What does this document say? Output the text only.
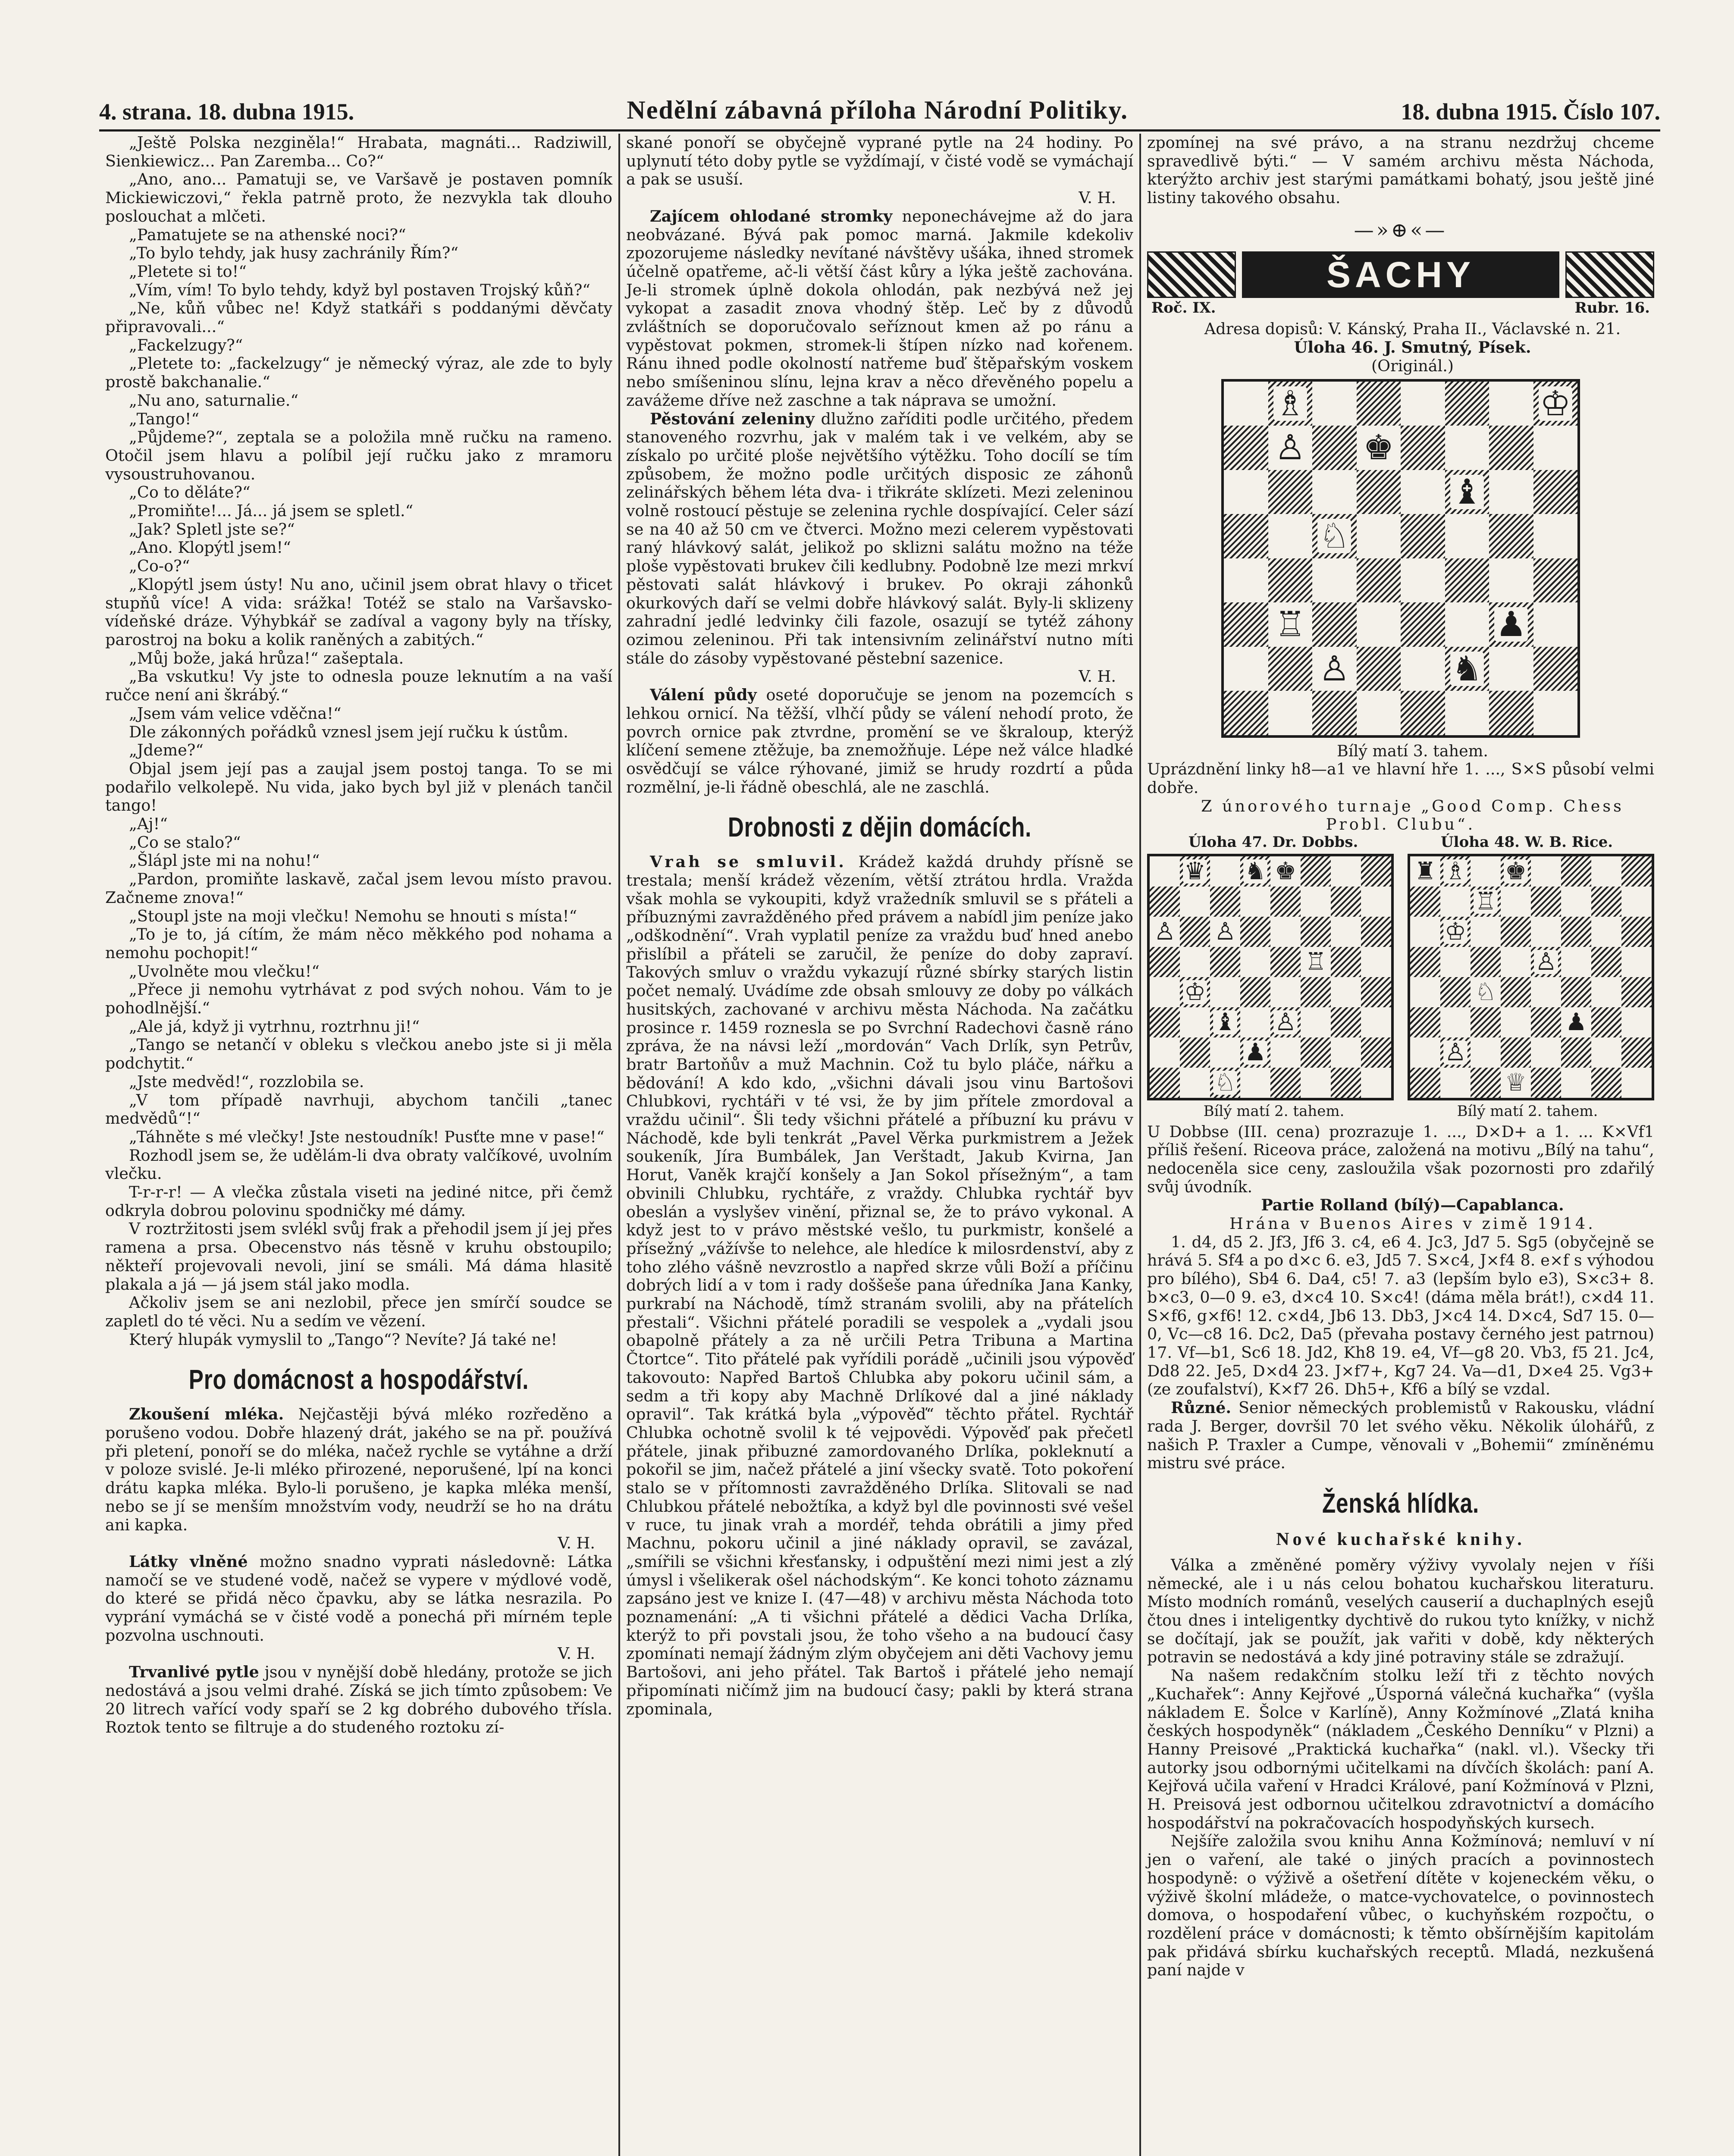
4. strana. 18. dubna 1915.	Nedělní zábavná příloha Národní Politiky.	18. dubna 1915. Číslo 107.

„Ještě Polska nezginěla!“ Hrabata, magnáti... Radziwill, Sienkiewicz... Pan Zaremba... Co?“

„Ano, ano... Pamatuji se, ve Varšavě je postaven pomník Mickiewiczovi,“ řekla patrně proto, že nezvykla tak dlouho poslouchat a mlčeti.

„Pamatujete se na athenské noci?“

„To bylo tehdy, jak husy zachránily Řím?“

„Pletete si to!“

„Vím, vím! To bylo tehdy, když byl postaven Trojský kůň?“

„Ne, kůň vůbec ne! Když statkáři s poddanými děvčaty připravovali...“

„Fackelzugy?“

„Pletete to: „fackelzugy“ je německý výraz, ale zde to byly prostě bakchanalie.“

„Nu ano, saturnalie.“

„Tango!“

„Půjdeme?“, zeptala se a položila mně ručku na rameno. Otočil jsem hlavu a políbil její ručku jako z mramoru vysoustruhovanou.

„Co to děláte?“

„Promiňte!... Já... já jsem se spletl.“

„Jak? Spletl jste se?“

„Ano. Klopýtl jsem!“

„Co-o?“

„Klopýtl jsem ústy! Nu ano, učinil jsem obrat hlavy o třicet stupňů více! A vida: srážka! Totéž se stalo na Varšavsko-vídeňské dráze. Výhybkář se zadíval a vagony byly na třísky, parostroj na boku a kolik raněných a zabitých.“

„Můj bože, jaká hrůza!“ zašeptala.

„Ba vskutku! Vy jste to odnesla pouze leknutím a na vaší ručce není ani škrábý.“

„Jsem vám velice vděčna!“

Dle zákonných pořádků vznesl jsem její ručku k ústům.

„Jdeme?“

Objal jsem její pas a zaujal jsem postoj tanga. To se mi podařilo velkolepě. Nu vida, jako bych byl již v plenách tančil tango!

„Aj!“

„Co se stalo?“

„Šlápl jste mi na nohu!“

„Pardon, promiňte laskavě, začal jsem levou místo pravou. Začneme znova!“

„Stoupl jste na moji vlečku! Nemohu se hnouti s místa!“

„To je to, já cítím, že mám něco měkkého pod nohama a nemohu pochopit!“

„Uvolněte mou vlečku!“

„Přece ji nemohu vytrhávat z pod svých nohou. Vám to je pohodlnější.“

„Ale já, když ji vytrhnu, roztrhnu ji!“

„Tango se netančí v obleku s vlečkou anebo jste si ji měla podchytit.“

„Jste medvěd!“, rozzlobila se.

„V tom případě navrhuji, abychom tančili „tanec medvědů“!“

„Táhněte s mé vlečky! Jste nestoudník! Pusťte mne v pase!“

Rozhodl jsem se, že udělám-li dva obraty valčíkové, uvolním vlečku.

T-r-r-r! — A vlečka zůstala viseti na jediné nitce, při čemž odkryla dobrou polovinu spodničky mé dámy.

V roztržitosti jsem svlékl svůj frak a přehodil jsem jí jej přes ramena a prsa. Obecenstvo nás těsně v kruhu obstoupilo; někteří projevovali nevoli, jiní se smáli. Má dáma hlasitě plakala a já — já jsem stál jako modla.

Ačkoliv jsem se ani nezlobil, přece jen smírčí soudce se zapletl do té věci. Nu a sedím ve vězení.

Který hlupák vymyslil to „Tango“? Nevíte? Já také ne!

Pro domácnost a hospodářství.

Zkoušení mléka. Nejčastěji bývá mléko rozředěno a porušeno vodou. Dobře hlazený drát, jakého se na př. používá při pletení, ponoří se do mléka, načež rychle se vytáhne a drží v poloze svislé. Je-li mléko přirozené, neporušené, lpí na konci drátu kapka mléka. Bylo-li porušeno, je kapka mléka menší, nebo se jí se menším množstvím vody, neudrží se ho na drátu ani kapka.

V. H.

Látky vlněné možno snadno vyprati následovně: Látka namočí se ve studené vodě, načež se vypere v mýdlové vodě, do které se přidá něco čpavku, aby se látka nesrazila. Po vyprání vymáchá se v čisté vodě a ponechá při mírném teple pozvolna uschnouti.

V. H.

Trvanlivé pytle jsou v nynější době hledány, protože se jich nedostává a jsou velmi drahé. Získá se jich tímto způsobem: Ve 20 litrech vařící vody spaří se 2 kg dobrého dubového třísla. Roztok tento se filtruje a do studeného roztoku zí-

skané ponoří se obyčejně vyprané pytle na 24 hodiny. Po uplynutí této doby pytle se vyždímají, v čisté vodě se vymáchají a pak se usuší.

V. H.

Zajícem ohlodané stromky neponechávejme až do jara neobvázané. Bývá pak pomoc marná. Jakmile kdekoliv zpozorujeme následky nevítané návštěvy ušáka, ihned stromek účelně opatřeme, ač-li větší část kůry a lýka ještě zachována. Je-li stromek úplně dokola ohlodán, pak nezbývá než jej vykopat a zasadit znova vhodný štěp. Leč by z důvodů zvláštních se doporučovalo seříznout kmen až po ránu a vypěstovat pokmen, stromek-li štípen nízko nad kořenem. Ránu ihned podle okolností natřeme buď štěpařským voskem nebo smíšeninou slínu, lejna krav a něco dřevěného popelu a zavážeme dříve než zaschne a tak náprava se umožní.

Pěstování zeleniny dlužno zaříditi podle určitého, předem stanoveného rozvrhu, jak v malém tak i ve velkém, aby se získalo po určité ploše největšího výtěžku. Toho docílí se tím způsobem, že možno podle určitých disposic ze záhonů zelinářských během léta dva- i třikráte sklízeti. Mezi zeleninou volně rostoucí pěstuje se zelenina rychle dospívající. Celer sází se na 40 až 50 cm ve čtverci. Možno mezi celerem vypěstovati raný hlávkový salát, jelikož po sklizni salátu možno na téže ploše vypěstovati brukev čili kedlubny. Podobně lze mezi mrkví pěstovati salát hlávkový i brukev. Po okraji záhonků okurkových daří se velmi dobře hlávkový salát. Byly-li sklizeny zahradní jedlé ledvinky čili fazole, osazují se tytéž záhony ozimou zeleninou. Při tak intensivním zelinářství nutno míti stále do zásoby vypěstované pěstební sazenice.

V. H.

Válení půdy oseté doporučuje se jenom na pozemcích s lehkou ornicí. Na těžší, vlhčí půdy se válení nehodí proto, že povrch ornice pak ztvrdne, promění se ve škraloup, kterýž klíčení semene ztěžuje, ba znemožňuje. Lépe než válce hladké osvědčují se válce rýhované, jimiž se hrudy rozdrtí a půda rozmělní, je-li řádně obeschlá, ale ne zaschlá.

Drobnosti z dějin domácích.

Vrah se smluvil. Krádež každá druhdy přísně se trestala; menší krádež vězením, větší ztrátou hrdla. Vražda však mohla se vykoupiti, když vražedník smluvil se s přáteli a příbuznými zavražděného před právem a nabídl jim peníze jako „odškodnění“. Vrah vyplatil peníze za vraždu buď hned anebo přislíbil a přáteli se zaručil, že peníze do doby zapraví. Takových smluv o vraždu vykazují různé sbírky starých listin počet nemalý. Uvádíme zde obsah smlouvy ze doby po válkách husitských, zachované v archivu města Náchoda. Na začátku prosince r. 1459 roznesla se po Svrchní Radechovi časně ráno zpráva, že na návsi leží „mordován“ Vach Drlík, syn Petrův, bratr Bartoňův a muž Machnin. Což tu bylo pláče, nářku a bědování! A kdo kdo, „všichni dávali jsou vinu Bartošovi Chlubkovi, rychtáři v té vsi, že by jim přítele zmordoval a vraždu učinil“. Šli tedy všichni přátelé a příbuzní ku právu v Náchodě, kde byli tenkrát „Pavel Věrka purkmistrem a Ježek soukeník, Jíra Bumbálek, Jan Verštadt, Jakub Kvirna, Jan Horut, Vaněk krajčí konšely a Jan Sokol přísežným“, a tam obvinili Chlubku, rychtáře, z vraždy. Chlubka rychtář byv obeslán a vyslyšev vinění, přiznal se, že to právo vykonal. A když jest to v právo městské vešlo, tu purkmistr, konšelé a přísežný „vážívše to nelehce, ale hledíce k milosrdenství, aby z toho zlého vášně nevzrostlo a napřed skrze vůli Boží a příčinu dobrých lidí a v tom i rady doššeše pana úředníka Jana Kanky, purkrabí na Náchodě, tímž stranám svolili, aby na přátelích přestali“. Všichni přátelé poradili se vespolek a „vydali jsou obapolně přátely a za ně určili Petra Tribuna a Martina Čtortce“. Tito přátelé pak vyřídili porádě „učinili jsou výpověď takovouto: Napřed Bartoš Chlubka aby pokoru učinil sám, a sedm a tři kopy aby Machně Drlíkové dal a jiné náklady opravil“. Tak krátká byla „výpověď“ těchto přátel. Rychtář Chlubka ochotně svolil k té vejpovědi. Výpověď pak přečetl přátele, jinak přibuzné zamordovaného Drlíka, pokleknutí a pokořil se jim, načež přátelé a jiní všecky svatě. Toto pokoření stalo se v přítomnosti zavražděného Drlíka. Slitovali se nad Chlubkou přátelé nebožtíka, a když byl dle povinnosti své vešel v ruce, tu jinak vrah a mordéř, tehda obrátili a jimy před Machnu, pokoru učinil a jiné náklady opravil, se zavázal, „smířili se všichni křesťansky, i odpuštění mezi nimi jest a zlý úmysl i všelikerak ošel náchodským“. Ke konci tohoto záznamu zapsáno jest ve knize I. (47—48) v archivu města Náchoda toto poznamenání: „A ti všichni přátelé a dědici Vacha Drlíka, kterýž to při povstali jsou, že toho všeho a na budoucí časy zpomínati nemají žádným zlým obyčejem ani děti Vachovy jemu Bartošovi, ani jeho přátel. Tak Bartoš i přátelé jeho nemají připomínati ničímž jim na budoucí časy; pakli by která strana zpominala,

zpomínej na své právo, a na stranu nezdržuj chceme spravedlivě býti.“ — V samém archivu města Náchoda, kterýžto archiv jest starými památkami bohatý, jsou ještě jiné listiny takového obsahu.

—»⊕«—
ŠACHY
Roč. IX.	Rubr. 16.

Adresa dopisů: V. Kánský, Praha II., Václavské n. 21.

Úloha 46. J. Smutný, Písek.

(Originál.)

♗	♔
♙ ♚
♝
♘
♖	♟
♙	♞

Bílý matí 3. tahem.

Uprázdnění linky h8—a1 ve hlavní hře 1. ..., S×S působí velmi dobře.

Z únorového turnaje „Good Comp. Chess Probl. Clubu“.

Úloha 47. Dr. Dobbs.	Úloha 48. W. B. Rice.
♛ ♞ ♚
♙ ♙
♖
♔
♝ ♙
♟
♘
♜ ♗ ♚
♖
♔
♙
♘
♟
♙
♕
Bílý matí 2. tahem.	Bílý matí 2. tahem.

U Dobbse (III. cena) prozrazuje 1. ..., D×D+ a 1. ... K×Vf1 příliš řešení. Riceova práce, založená na motivu „Bílý na tahu“, nedoceněla sice ceny, zasloužila však pozornosti pro zdařilý svůj úvodník.

Partie Rolland (bílý)—Capablanca.

Hrána v Buenos Aires v zimě 1914.

1. d4, d5 2. Jf3, Jf6 3. c4, e6 4. Jc3, Jd7 5. Sg5 (obyčejně se hrává 5. Sf4 a po d×c 6. e3, Jd5 7. S×c4, J×f4 8. e×f s výhodou pro bílého), Sb4 6. Da4, c5! 7. a3 (lepším bylo e3), S×c3+ 8. b×c3, 0—0 9. e3, d×c4 10. S×c4! (dáma měla brát!), c×d4 11. S×f6, g×f6! 12. c×d4, Jb6 13. Db3, J×c4 14. D×c4, Sd7 15. 0—0, Vc—c8 16. Dc2, Da5 (převaha postavy černého jest patrnou) 17. Vf—b1, Sc6 18. Jd2, Kh8 19. e4, Vf—g8 20. Vb3, f5 21. Jc4, Dd8 22. Je5, D×d4 23. J×f7+, Kg7 24. Va—d1, D×e4 25. Vg3+ (ze zoufalství), K×f7 26. Dh5+, Kf6 a bílý se vzdal.

Různé. Senior německých problemistů v Rakousku, vládní rada J. Berger, dovršil 70 let svého věku. Několik úlohářů, z našich P. Traxler a Cumpe, věnovali v „Bohemii“ zmíněnému mistru své práce.

Ženská hlídka.
Nové kuchařské knihy.

Válka a změněné poměry výživy vyvolaly nejen v říši německé, ale i u nás celou bohatou kuchařskou literaturu. Místo modních románů, veselých causerií a duchaplných esejů čtou dnes i inteligentky dychtivě do rukou tyto knížky, v nichž se dočítají, jak se použít, jak vařiti v době, kdy některých potravin se nedostává a kdy jiné potraviny stále se zdražují.

Na našem redakčním stolku leží tři z těchto nových „Kuchařek“: Anny Kejřové „Úsporná válečná kuchařka“ (vyšla nákladem E. Šolce v Karlíně), Anny Kožmínové „Zlatá kniha českých hospodyněk“ (nákladem „Českého Denníku“ v Plzni) a Hanny Preisové „Praktická kuchařka“ (nakl. vl.). Všecky tři autorky jsou odbornými učitelkami na dívčích školách: paní A. Kejřová učila vaření v Hradci Králové, paní Kožmínová v Plzni, H. Preisová jest odbornou učitelkou zdravotnictví a domácího hospodářství na pokračovacích hospodyňských kursech.

Nejšíře založila svou knihu Anna Kožmínová; nemluví v ní jen o vaření, ale také o jiných pracích a povinnostech hospodyně: o výživě a ošetření dítěte v kojeneckém věku, o výživě školní mládeže, o matce-vychovatelce, o povinnostech domova, o hospodaření vůbec, o kuchyňském rozpočtu, o rozdělení práce v domácnosti; k těmto obšírnějším kapitolám pak přidává sbírku kuchařských receptů. Mladá, nezkušená paní najde v
